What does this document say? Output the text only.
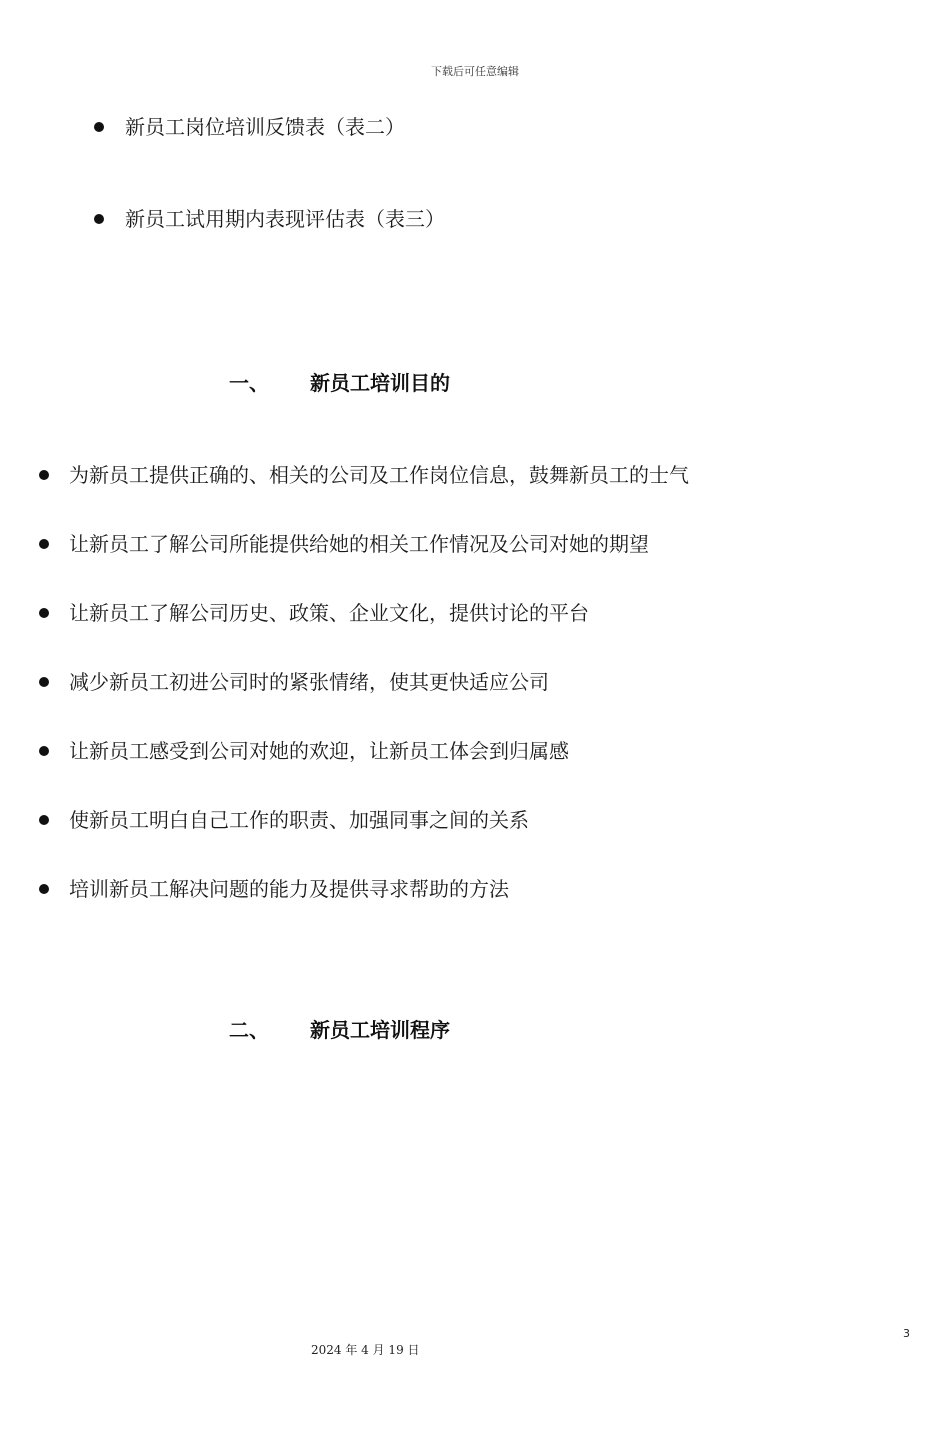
下载后可任意编辑
新员工岗位培训反馈表（表二）
新员工试用期内表现评估表（表三）
一、	新员工培训目的
为新员工提供正确的、相关的公司及工作岗位信息，鼓舞新员工的士气
让新员工了解公司所能提供给她的相关工作情况及公司对她的期望
让新员工了解公司历史、政策、企业文化，提供讨论的平台
减少新员工初进公司时的紧张情绪，使其更快适应公司
让新员工感受到公司对她的欢迎，让新员工体会到归属感
使新员工明白自己工作的职责、加强同事之间的关系
培训新员工解决问题的能力及提供寻求帮助的方法
二、	新员工培训程序
3
2024 年 4 月 19 日
